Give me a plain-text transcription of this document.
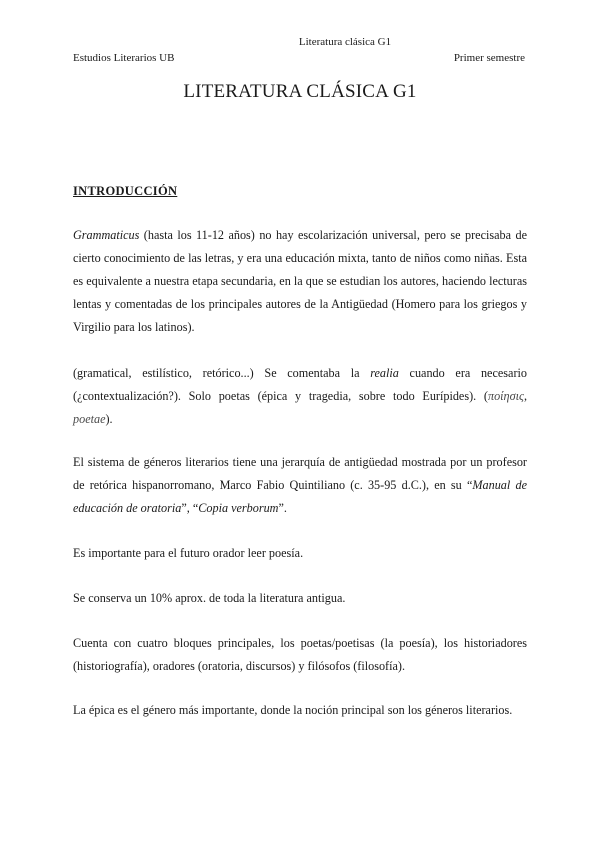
Literatura clásica G1
Estudios Literarios UB	Primer semestre
LITERATURA CLÁSICA G1
INTRODUCCIÓN

Grammaticus (hasta los 11-12 años) no hay escolarización universal, pero se precisaba de cierto conocimiento de las letras, y era una educación mixta, tanto de niños como niñas. Esta es equivalente a nuestra etapa secundaria, en la que se estudian los autores, haciendo lecturas lentas y comentadas de los principales autores de la Antigüedad (Homero para los griegos y Virgilio para los latinos).

(gramatical, estilístico, retórico...) Se comentaba la realia cuando era necesario (¿contextualización?). Solo poetas (épica y tragedia, sobre todo Eurípides). (ποίησις, poetae).

El sistema de géneros literarios tiene una jerarquía de antigüedad mostrada por un profesor de retórica hispanorromano, Marco Fabio Quintiliano (c. 35-95 d.C.), en su “Manual de educación de oratoria”, “Copia verborum”.

Es importante para el futuro orador leer poesía.

Se conserva un 10% aprox. de toda la literatura antigua.

Cuenta con cuatro bloques principales, los poetas/poetisas (la poesía), los historiadores (historiografía), oradores (oratoria, discursos) y filósofos (filosofía).

La épica es el género más importante, donde la noción principal son los géneros literarios.
